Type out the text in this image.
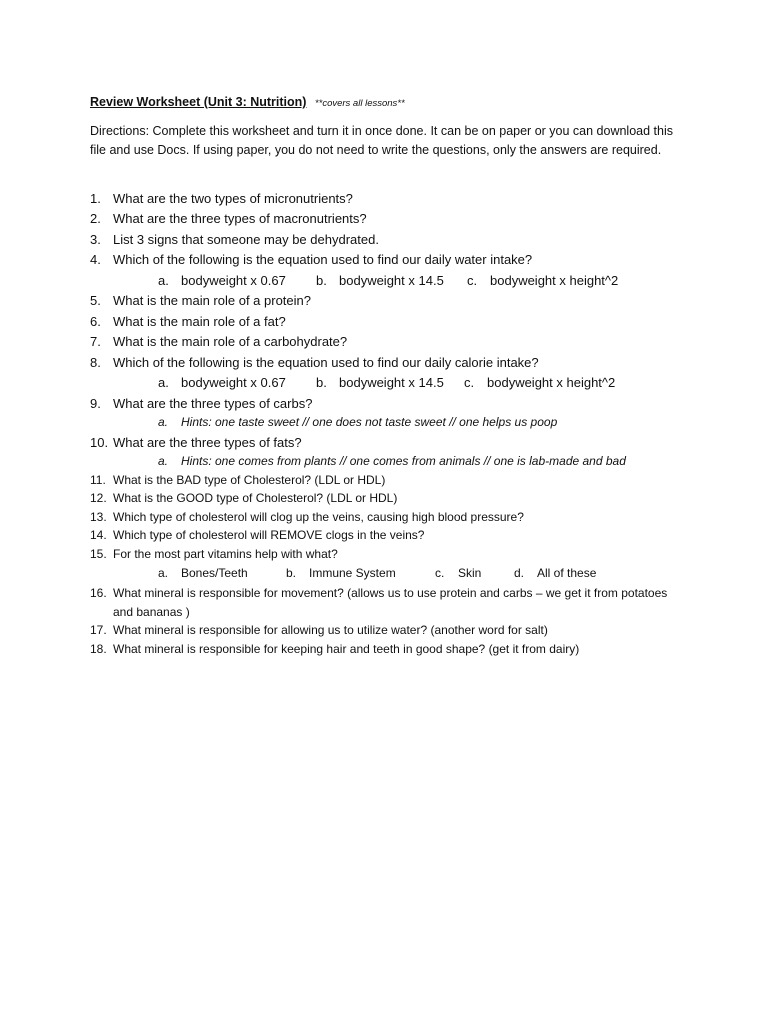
Review Worksheet (Unit 3: Nutrition) **covers all lessons**
Directions: Complete this worksheet and turn it in once done. It can be on paper or you can download this file and use Docs. If using paper, you do not need to write the questions, only the answers are required.
1. What are the two types of micronutrients?
2. What are the three types of macronutrients?
3. List 3 signs that someone may be dehydrated.
4. Which of the following is the equation used to find our daily water intake?
a. bodyweight x 0.67 b. bodyweight x 14.5 c. bodyweight x height^2
5. What is the main role of a protein?
6. What is the main role of a fat?
7. What is the main role of a carbohydrate?
8. Which of the following is the equation used to find our daily calorie intake?
a. bodyweight x 0.67 b. bodyweight x 14.5 c. bodyweight x height^2
9. What are the three types of carbs?
a. Hints: one taste sweet // one does not taste sweet // one helps us poop
10. What are the three types of fats?
a. Hints: one comes from plants // one comes from animals // one is lab-made and bad
11. What is the BAD type of Cholesterol? (LDL or HDL)
12. What is the GOOD type of Cholesterol? (LDL or HDL)
13. Which type of cholesterol will clog up the veins, causing high blood pressure?
14. Which type of cholesterol will REMOVE clogs in the veins?
15. For the most part vitamins help with what?
a. Bones/Teeth	b. Immune System	c. Skin	d. All of these
16. What mineral is responsible for movement? (allows us to use protein and carbs – we get it from potatoes and bananas )
17. What mineral is responsible for allowing us to utilize water? (another word for salt)
18. What mineral is responsible for keeping hair and teeth in good shape? (get it from dairy)
